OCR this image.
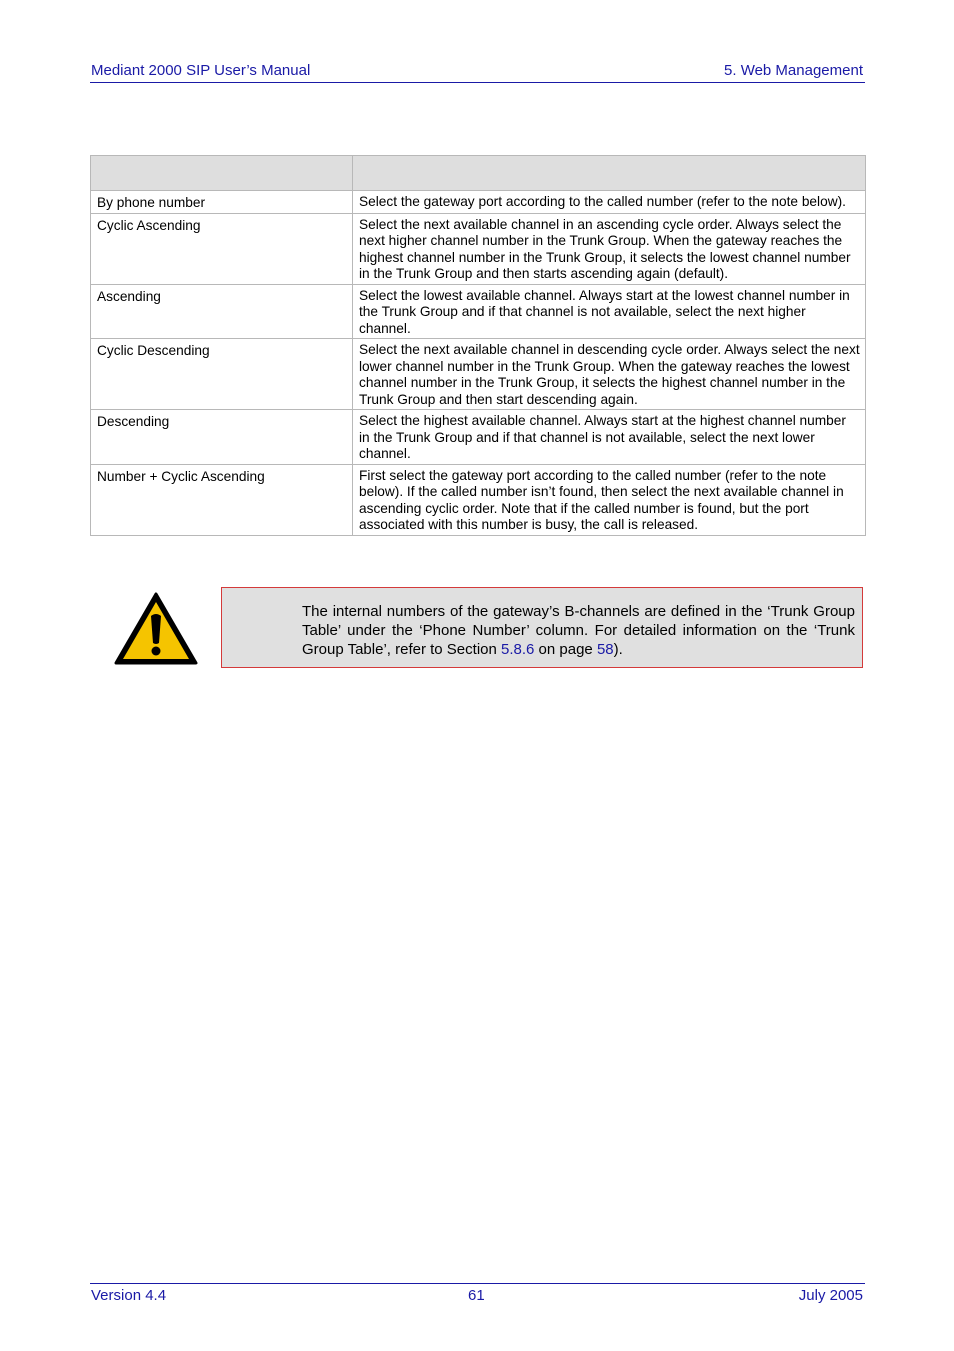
Mediant 2000 SIP User’s Manual	5. Web Management

By phone number	Select the gateway port according to the called number (refer to the note below).
Cyclic Ascending	Select the next available channel in an ascending cycle order. Always select the next higher channel number in the Trunk Group. When the gateway reaches the highest channel number in the Trunk Group, it selects the lowest channel number in the Trunk Group and then starts ascending again (default).
Ascending	Select the lowest available channel. Always start at the lowest channel number in the Trunk Group and if that channel is not available, select the next higher channel.
Cyclic Descending	Select the next available channel in descending cycle order. Always select the next lower channel number in the Trunk Group. When the gateway reaches the lowest channel number in the Trunk Group, it selects the highest channel number in the Trunk Group and then start descending again.
Descending	Select the highest available channel. Always start at the highest channel number in the Trunk Group and if that channel is not available, select the next lower channel.
Number + Cyclic Ascending	First select the gateway port according to the called number (refer to the note below). If the called number isn’t found, then select the next available channel in ascending cyclic order. Note that if the called number is found, but the port associated with this number is busy, the call is released.
The internal numbers of the gateway’s B-channels are defined in the ‘Trunk Group Table’ under the ‘Phone Number’ column. For detailed information on the ‘Trunk Group Table’, refer to Section 5.8.6 on page 58).
Version 4.4	61	July 2005
